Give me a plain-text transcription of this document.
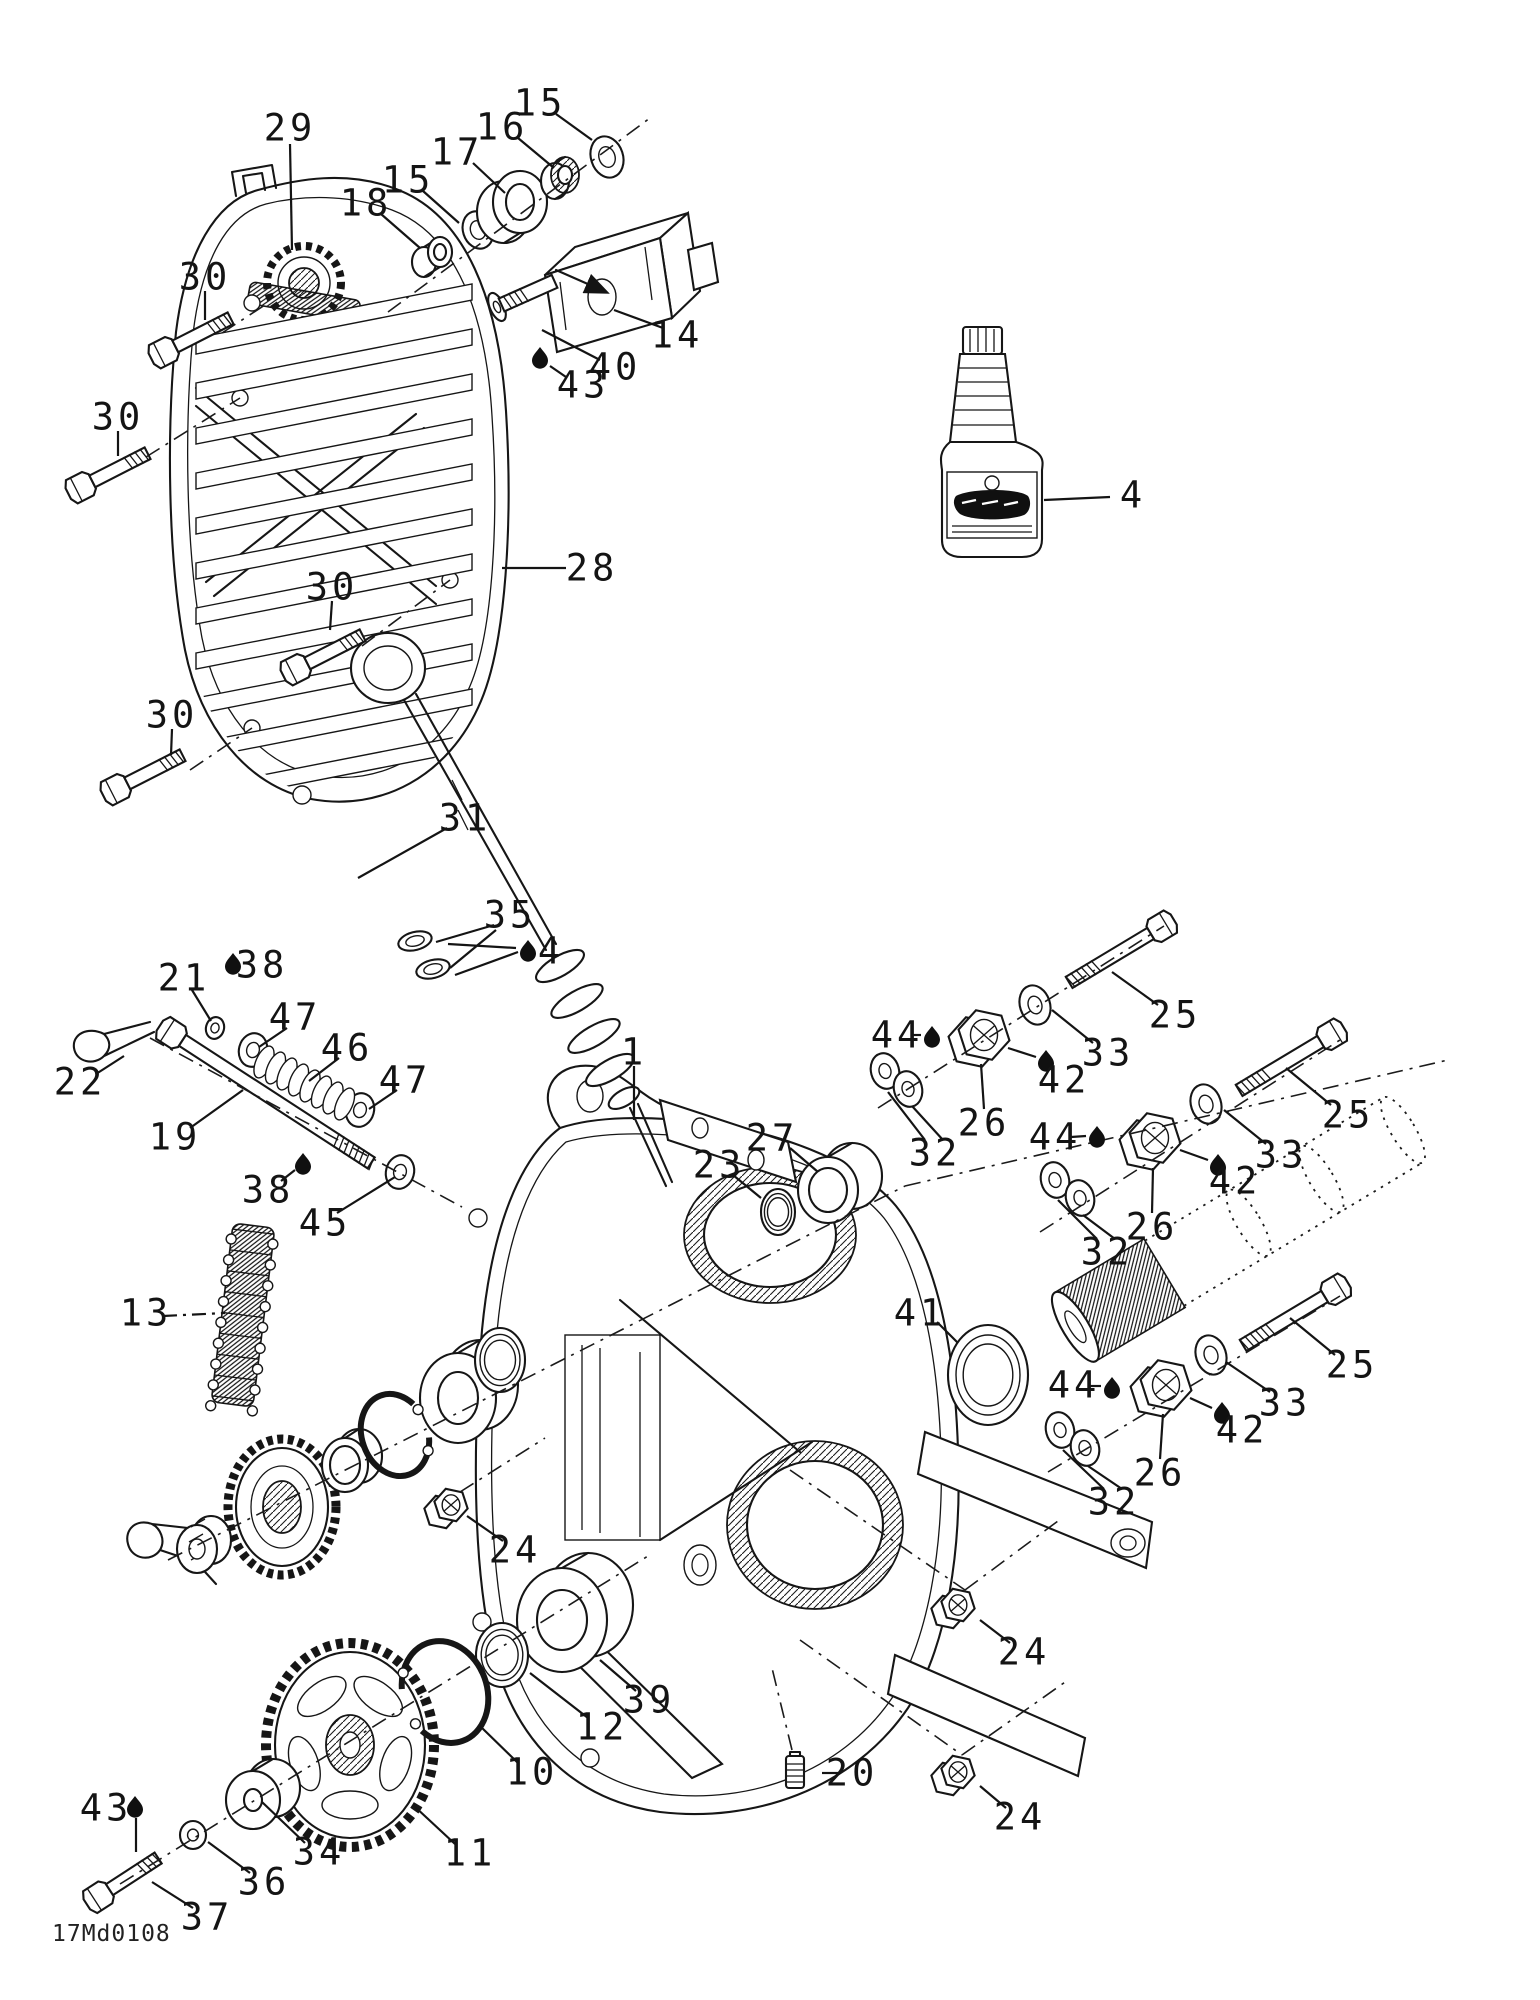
29
15
16
17
15
18
14
40
43
30
30
30
30
28
4
31
35
4
38
21
22
47
46
47
19
38
45
13
1
23
27
44
26
42
33
25
32 44
26
42
33
25
32
41
44
26
42
33
25
32
24
39
12
10
11
34
36
37
43
20
24
24
17Md0108
